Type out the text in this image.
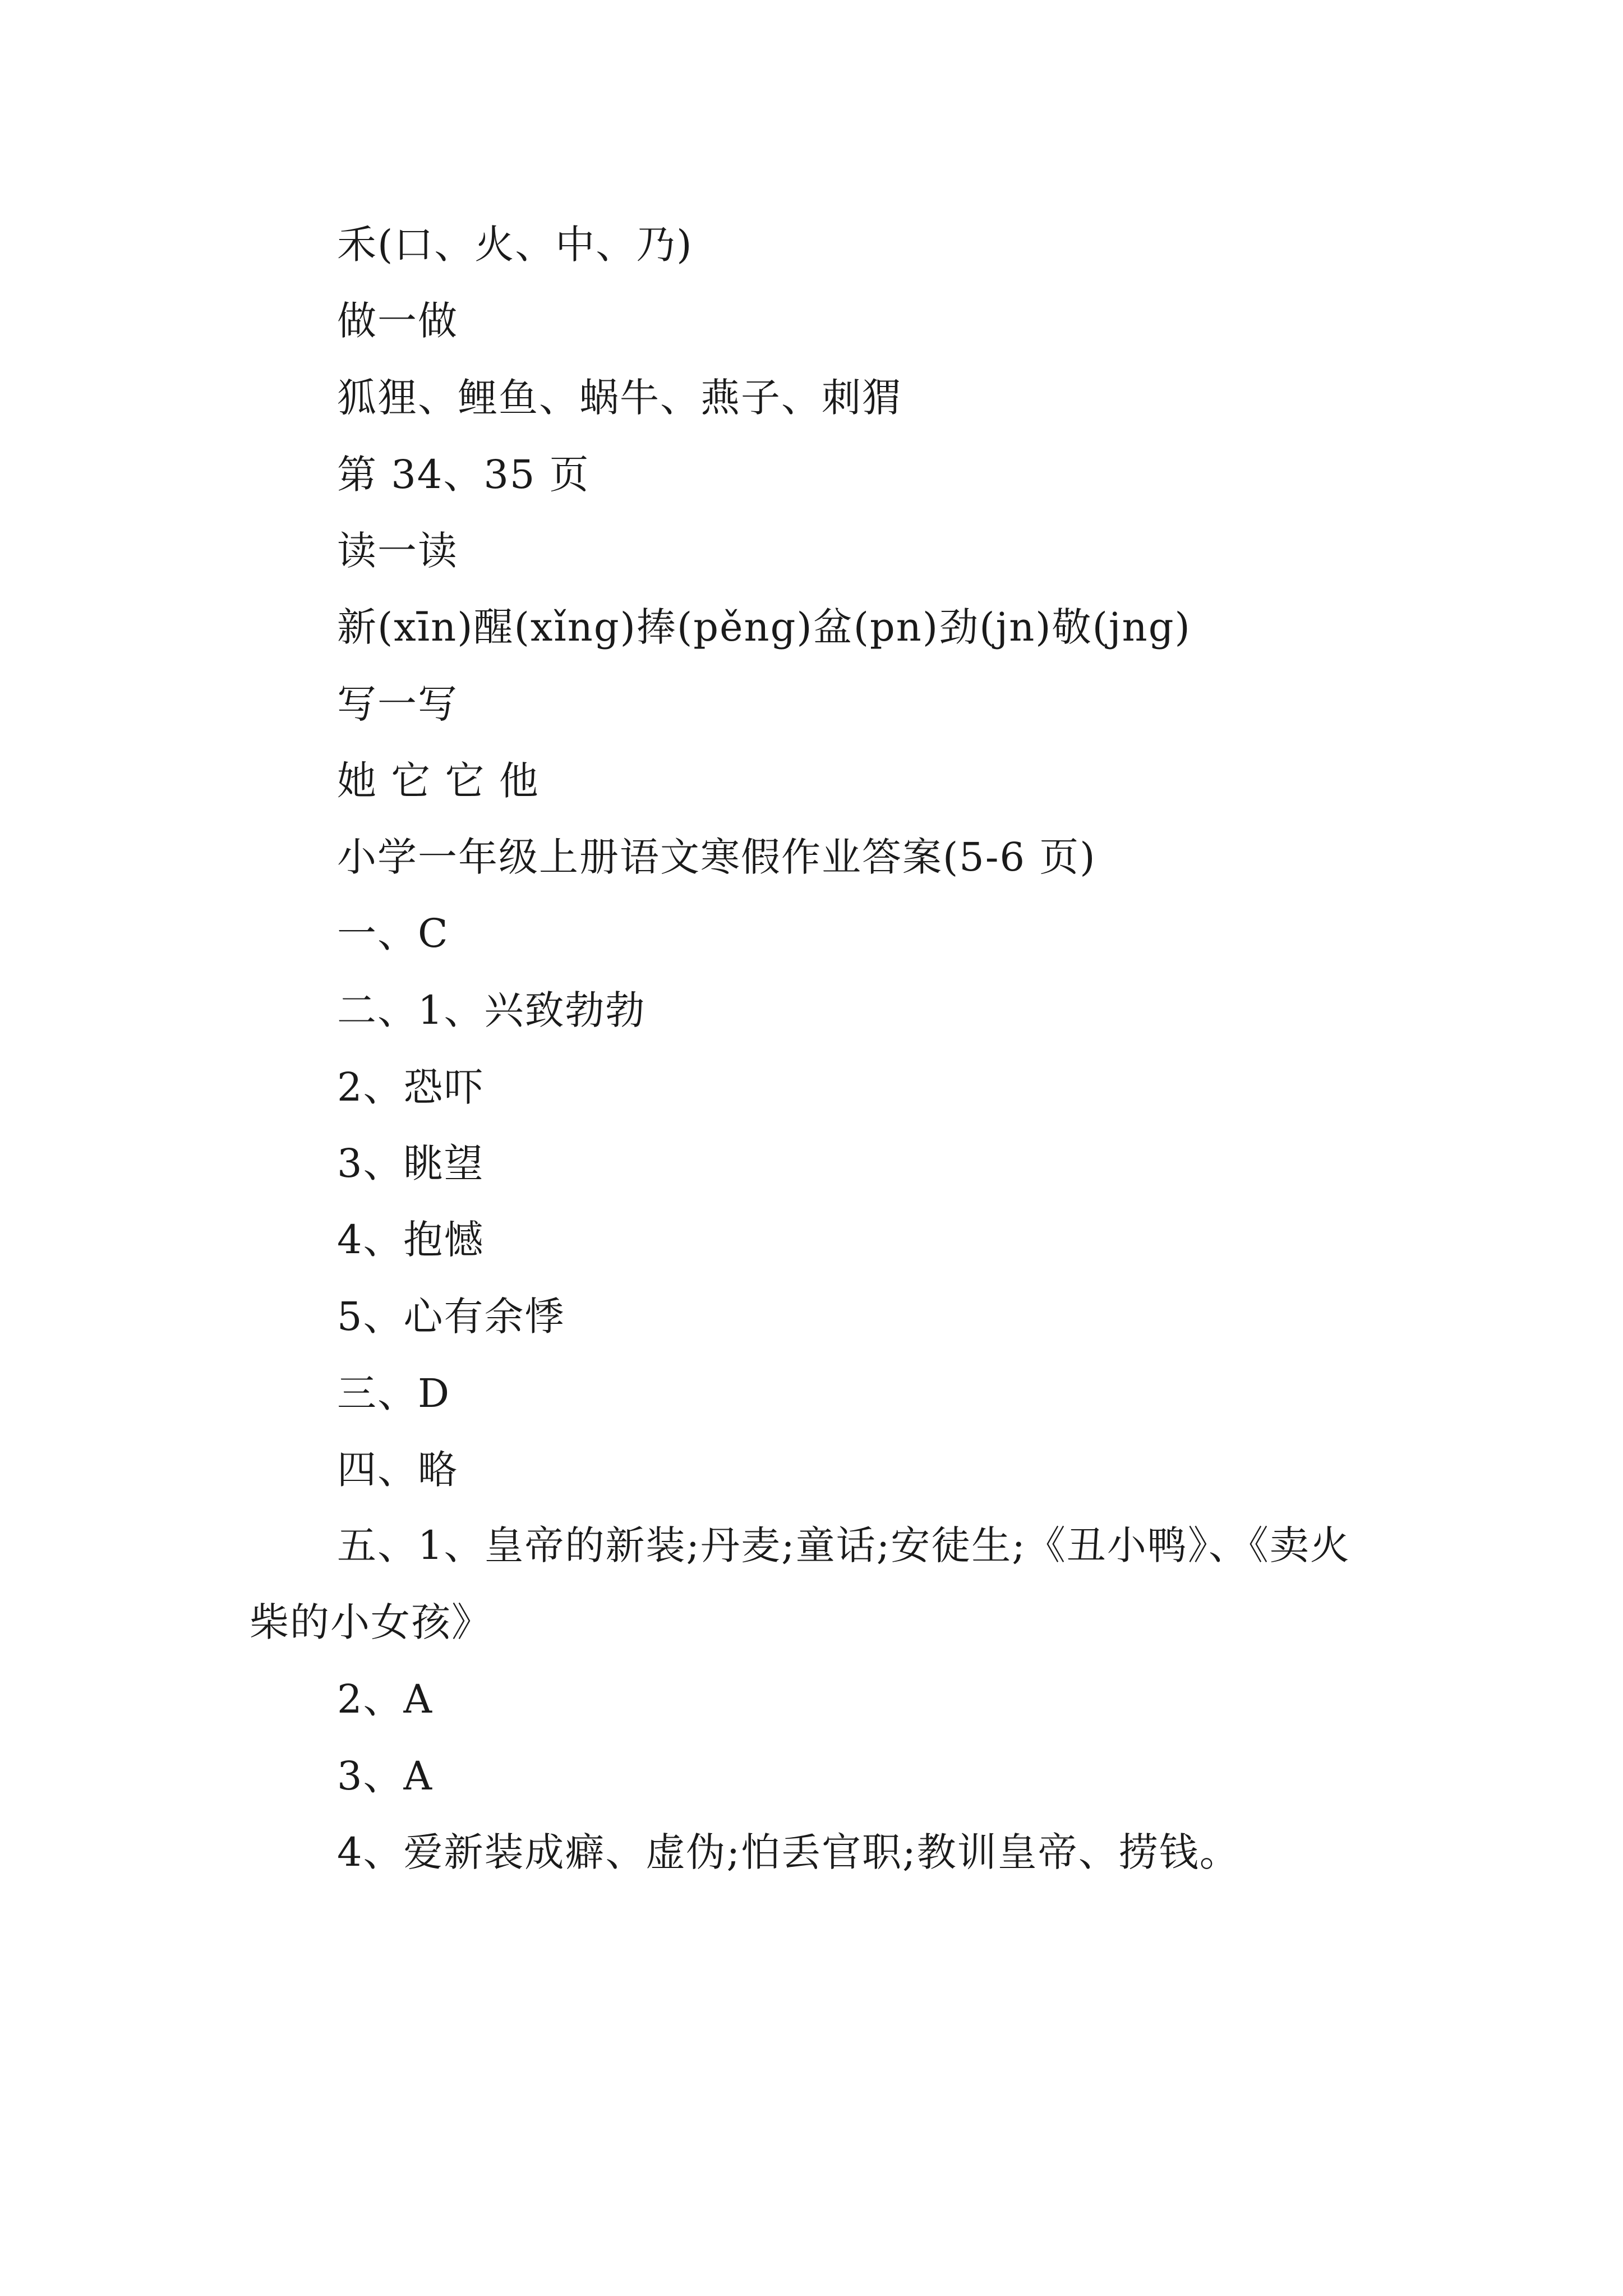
禾(口、火、中、乃)
做一做
狐狸、鲤鱼、蜗牛、燕子、刺猬
第 34、35 页
读一读
新(xīn)醒(xǐng)捧(pěng)盆(pn)劲(jn)敬(jng)
写一写
她 它 它 他
小学一年级上册语文寒假作业答案(5-6 页)
一、C
二、1、兴致勃勃
2、恐吓
3、眺望
4、抱憾
5、心有余悸
三、D
四、略
五、1、皇帝的新装;丹麦;童话;安徒生;《丑小鸭》、《卖火柴的小女孩》
2、A
3、A
4、爱新装成癖、虚伪;怕丢官职;教训皇帝、捞钱。
